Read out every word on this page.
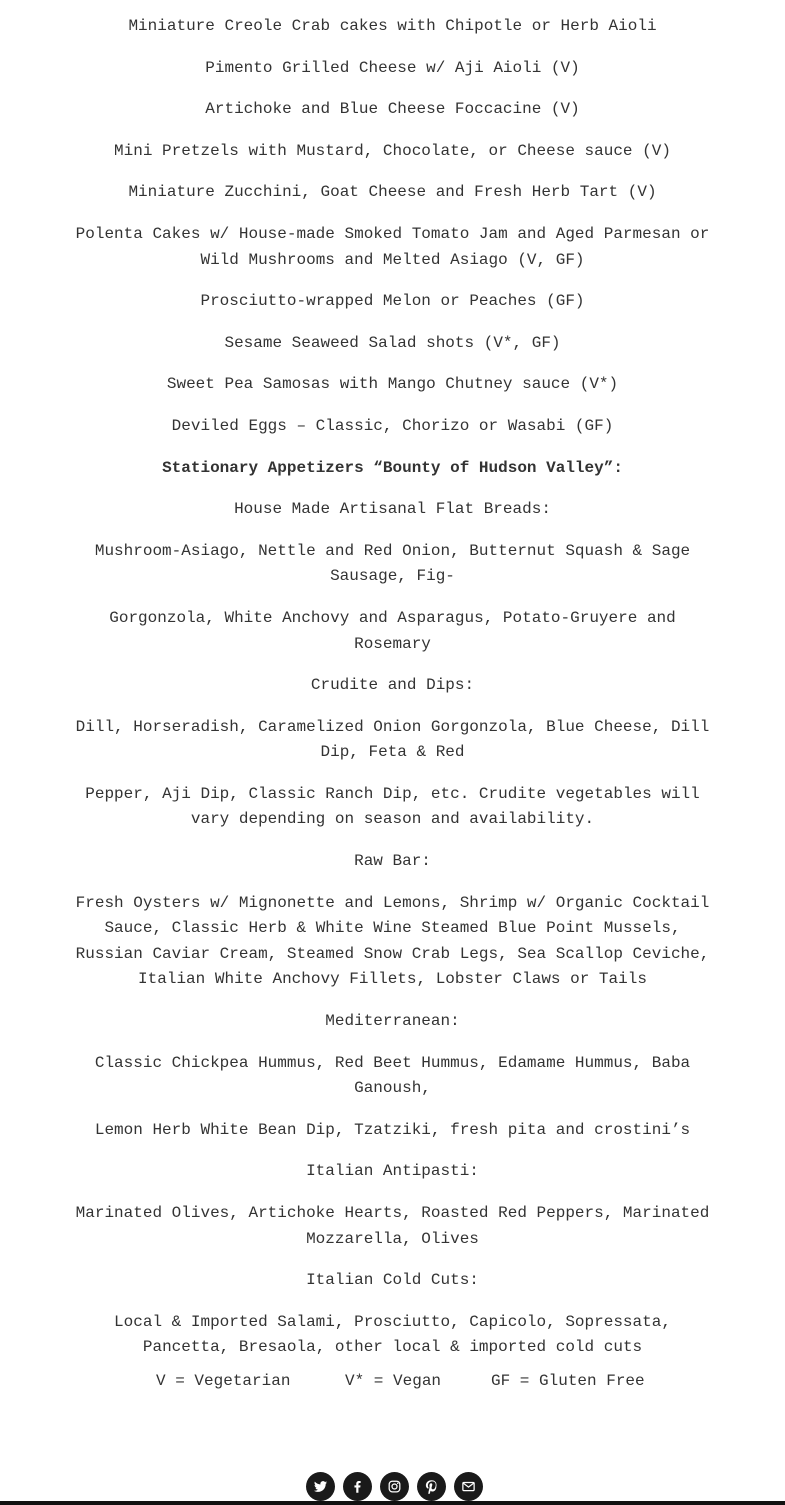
Miniature Creole Crab cakes with Chipotle or Herb Aioli

Pimento Grilled Cheese w/ Aji Aioli (V)

Artichoke and Blue Cheese Foccacine (V)

Mini Pretzels with Mustard, Chocolate, or Cheese sauce (V)

Miniature Zucchini, Goat Cheese and Fresh Herb Tart (V)

Polenta Cakes w/ House-made Smoked Tomato Jam and Aged Parmesan or Wild Mushrooms and Melted Asiago (V, GF)

Prosciutto-wrapped Melon or Peaches (GF)

Sesame Seaweed Salad shots (V*, GF)

Sweet Pea Samosas with Mango Chutney sauce (V*)

Deviled Eggs – Classic, Chorizo or Wasabi (GF)

Stationary Appetizers “Bounty of Hudson Valley”:

House Made Artisanal Flat Breads:

Mushroom-Asiago, Nettle and Red Onion, Butternut Squash & Sage Sausage, Fig-

Gorgonzola, White Anchovy and Asparagus, Potato-Gruyere and Rosemary

Crudite and Dips:

Dill, Horseradish, Caramelized Onion Gorgonzola, Blue Cheese, Dill Dip, Feta & Red

Pepper, Aji Dip, Classic Ranch Dip, etc. Crudite vegetables will vary depending on season and availability.

Raw Bar:

Fresh Oysters w/ Mignonette and Lemons, Shrimp w/ Organic Cocktail Sauce, Classic Herb & White Wine Steamed Blue Point Mussels, Russian Caviar Cream, Steamed Snow Crab Legs, Sea Scallop Ceviche, Italian White Anchovy Fillets, Lobster Claws or Tails

Mediterranean:

Classic Chickpea Hummus, Red Beet Hummus, Edamame Hummus, Baba Ganoush,

Lemon Herb White Bean Dip, Tzatziki, fresh pita and crostini’s

Italian Antipasti:

Marinated Olives, Artichoke Hearts, Roasted Red Peppers, Marinated Mozzarella, Olives

Italian Cold Cuts:

Local & Imported Salami, Prosciutto, Capicolo, Sopressata, Pancetta, Bresaola, other local & imported cold cuts

V = Vegetarian	V* = Vegan	GF = Gluten Free
